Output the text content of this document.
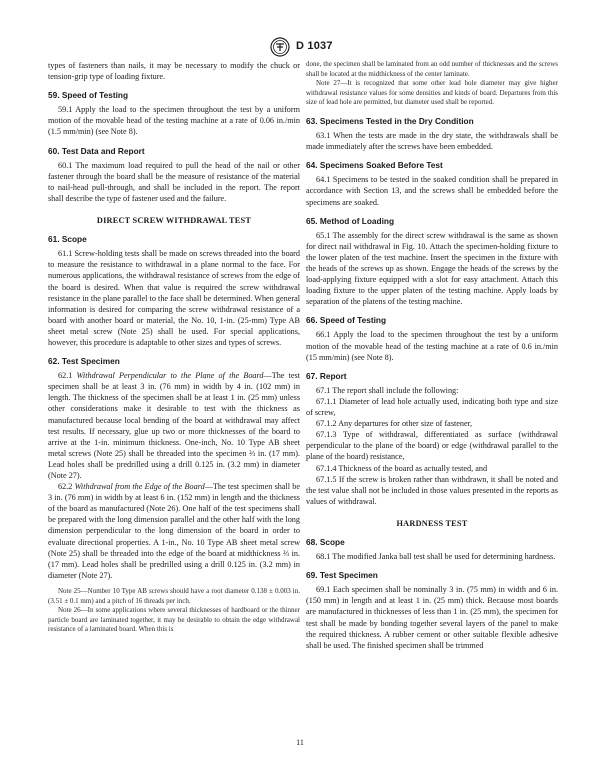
D 1037

types of fasteners than nails, it may be necessary to modify the chuck or tension-grip type of loading fixture.

59. Speed of Testing

59.1 Apply the load to the specimen throughout the test by a uniform motion of the movable head of the testing machine at a rate of 0.06 in./min (1.5 mm/min) (see Note 8).

60. Test Data and Report

60.1 The maximum load required to pull the head of the nail or other fastener through the board shall be the measure of resistance of the material to nail-head pull-through, and shall be included in the report. The report shall describe the type of fastener used and the failure.

DIRECT SCREW WITHDRAWAL TEST
61. Scope

61.1 Screw-holding tests shall be made on screws threaded into the board to measure the resistance to withdrawal in a plane normal to the face. For numerous applications, the withdrawal resistance of screws from the edge of the board is desired. When that value is required the screw withdrawal resistance in the plane parallel to the face shall be determined. When general information is desired for comparing the screw withdrawal resistance of a board with another board or material, the No. 10, 1-in. (25-mm) Type AB sheet metal screw (Note 25) shall be used. For special applications, however, this procedure is adaptable to other sizes and types of screws.

62. Test Specimen

62.1 Withdrawal Perpendicular to the Plane of the Board—The test specimen shall be at least 3 in. (76 mm) in width by 4 in. (102 mm) in length. The thickness of the specimen shall be at least 1 in. (25 mm) unless other considerations make it desirable to test with the thickness as manufactured because local bending of the board at withdrawal may affect test results. If necessary, glue up two or more thicknesses of the board to arrive at the 1-in. minimum thickness. One-inch, No. 10 Type AB sheet metal screws (Note 25) shall be threaded into the specimen ⅔ in. (17 mm). Lead holes shall be predrilled using a drill 0.125 in. (3.2 mm) in diameter (Note 27).

62.2 Withdrawal from the Edge of the Board—The test specimen shall be 3 in. (76 mm) in width by at least 6 in. (152 mm) in length and the thickness of the board as manufactured (Note 26). One half of the test specimens shall be prepared with the long dimension parallel and the other half with the long dimension perpendicular to the long dimension of the board in order to evaluate directional properties. A 1-in., No. 10 Type AB sheet metal screw (Note 25) shall be threaded into the edge of the board at midthickness ⅔ in. (17 mm). Lead holes shall be predrilled using a drill 0.125 in. (3.2 mm) in diameter (Note 27).

Note 25—Number 10 Type AB screws should have a root diameter 0.138 ± 0.003 in. (3.51 ± 0.1 mm) and a pitch of 16 threads per inch.

Note 26—In some applications where several thicknesses of hardboard or the thinner particle board are laminated together, it may be desirable to obtain the edge withdrawal resistance of a laminated board. When this is

done, the specimen shall be laminated from an odd number of thicknesses and the screws shall be located at the midthickness of the center laminate.

Note 27—It is recognized that some other lead hole diameter may give higher withdrawal resistance values for some densities and kinds of board. Departures from this size of lead hole are permitted, but diameter used shall be reported.

63. Specimens Tested in the Dry Condition

63.1 When the tests are made in the dry state, the withdrawals shall be made immediately after the screws have been embedded.

64. Specimens Soaked Before Test

64.1 Specimens to be tested in the soaked condition shall be prepared in accordance with Section 13, and the screws shall be embedded before the specimens are soaked.

65. Method of Loading

65.1 The assembly for the direct screw withdrawal is the same as shown for direct nail withdrawal in Fig. 10. Attach the specimen-holding fixture to the lower platen of the test machine. Insert the specimen in the fixture with the heads of the screws up as shown. Engage the heads of the screws by the load-applying fixture equipped with a slot for easy attachment. Attach this loading fixture to the upper platen of the testing machine. Apply loads by separation of the platens of the testing machine.

66. Speed of Testing

66.1 Apply the load to the specimen throughout the test by a uniform motion of the movable head of the testing machine at a rate of 0.6 in./min (15 mm/min) (see Note 8).

67. Report

67.1 The report shall include the following:

67.1.1 Diameter of lead hole actually used, indicating both type and size of screw,

67.1.2 Any departures for other size of fastener,

67.1.3 Type of withdrawal, differentiated as surface (withdrawal perpendicular to the plane of the board) or edge (withdrawal parallel to the plane of the board) resistance,

67.1.4 Thickness of the board as actually tested, and

67.1.5 If the screw is broken rather than withdrawn, it shall be noted and the test value shall not be included in those values presented in the reports as values of withdrawal.

HARDNESS TEST
68. Scope

68.1 The modified Janka ball test shall be used for determining hardness.

69. Test Specimen

69.1 Each specimen shall be nominally 3 in. (75 mm) in width and 6 in. (150 mm) in length and at least 1 in. (25 mm) thick. Because most boards are manufactured in thicknesses of less than 1 in. (25 mm), the specimen for test shall be made by bonding together several layers of the panel to make the required thickness. A rubber cement or other suitable flexible adhesive shall be used. The finished specimen shall be trimmed

11
